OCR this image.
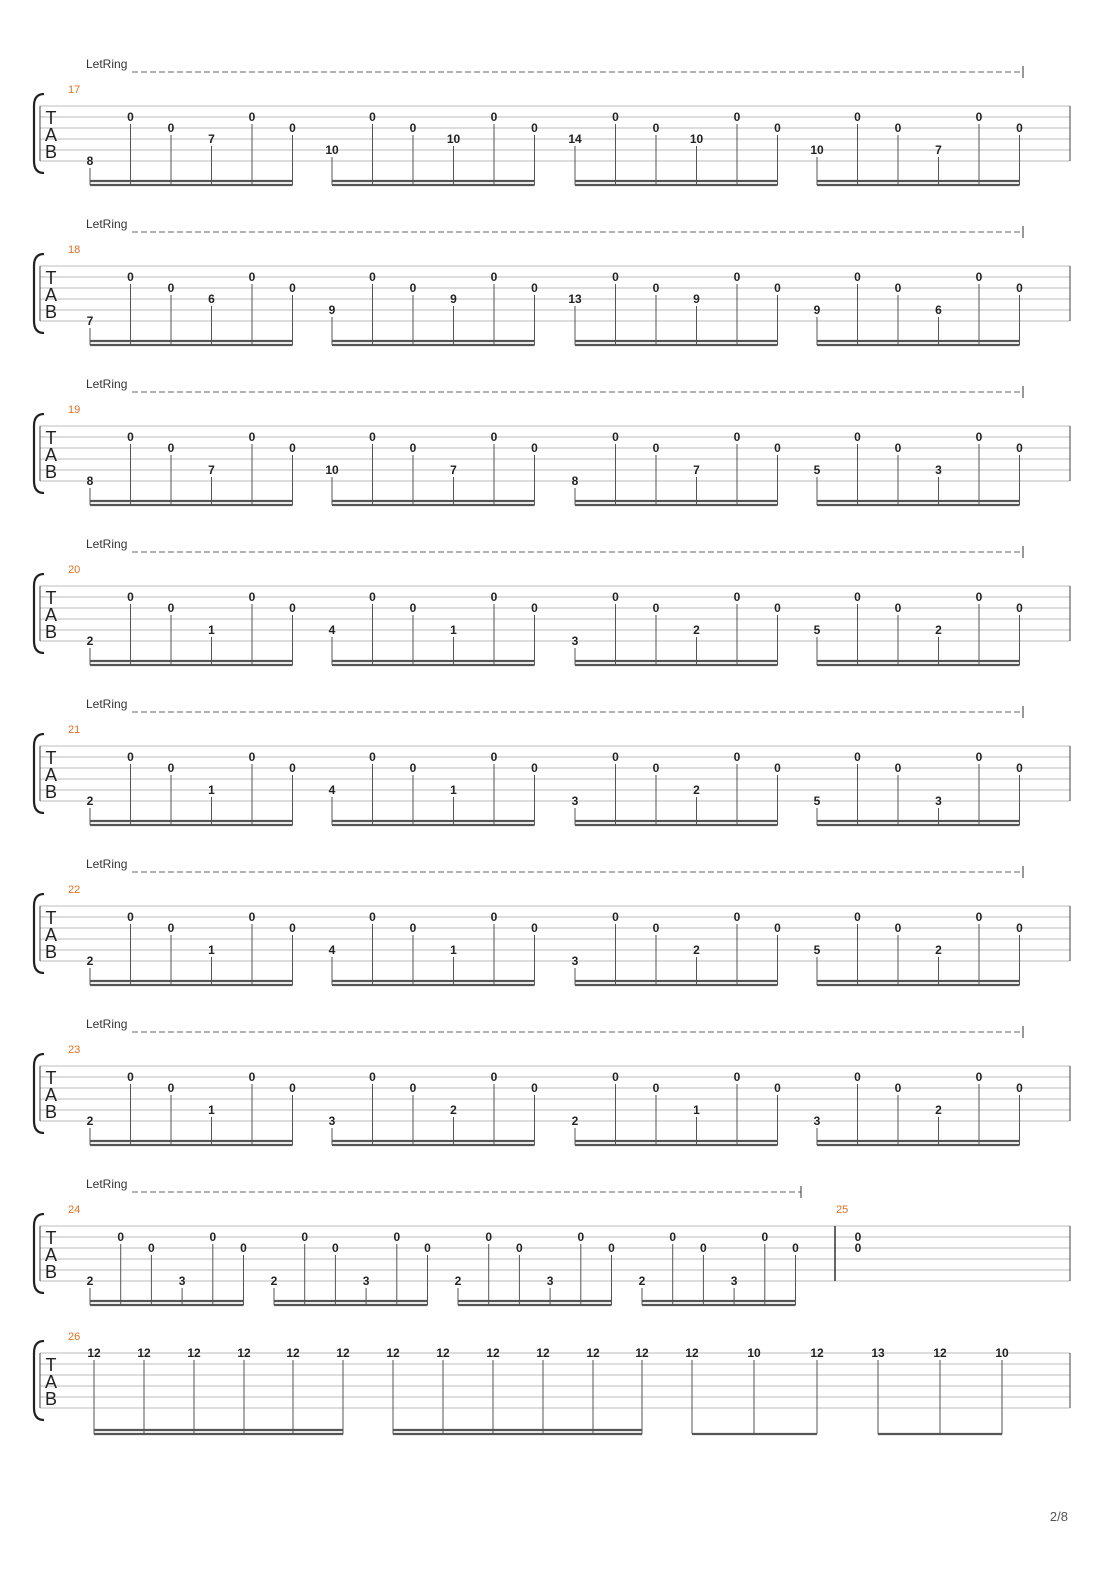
LetRing
T
A
B
17
8
0
0
7
0
0
10
0
0
10
0
0
14
0
0
10
0
0
10
0
0
7
0
0
LetRing
T
A
B
18
7
0
0
6
0
0
9
0
0
9
0
0
13
0
0
9
0
0
9
0
0
6
0
0
LetRing
T
A
B
19
8
0
0
7
0
0
10
0
0
7
0
0
8
0
0
7
0
0
5
0
0
3
0
0
LetRing
T
A
B
20
2
0
0
1
0
0
4
0
0
1
0
0
3
0
0
2
0
0
5
0
0
2
0
0
LetRing
T
A
B
21
2
0
0
1
0
0
4
0
0
1
0
0
3
0
0
2
0
0
5
0
0
3
0
0
LetRing
T
A
B
22
2
0
0
1
0
0
4
0
0
1
0
0
3
0
0
2
0
0
5
0
0
2
0
0
LetRing
T
A
B
23
2
0
0
1
0
0
3
0
0
2
0
0
2
0
0
1
0
0
3
0
0
2
0
0
LetRing
T
A
B
24
2
0
0
3
0
0
2
0
0
3
0
0
2
0
0
3
0
0
2
0
0
3
0
0
25
0
0
T
A
B
26
12	12	12	12	12	12	12	12	12	12	12	12	12	10	12	13	12	10
2/8
